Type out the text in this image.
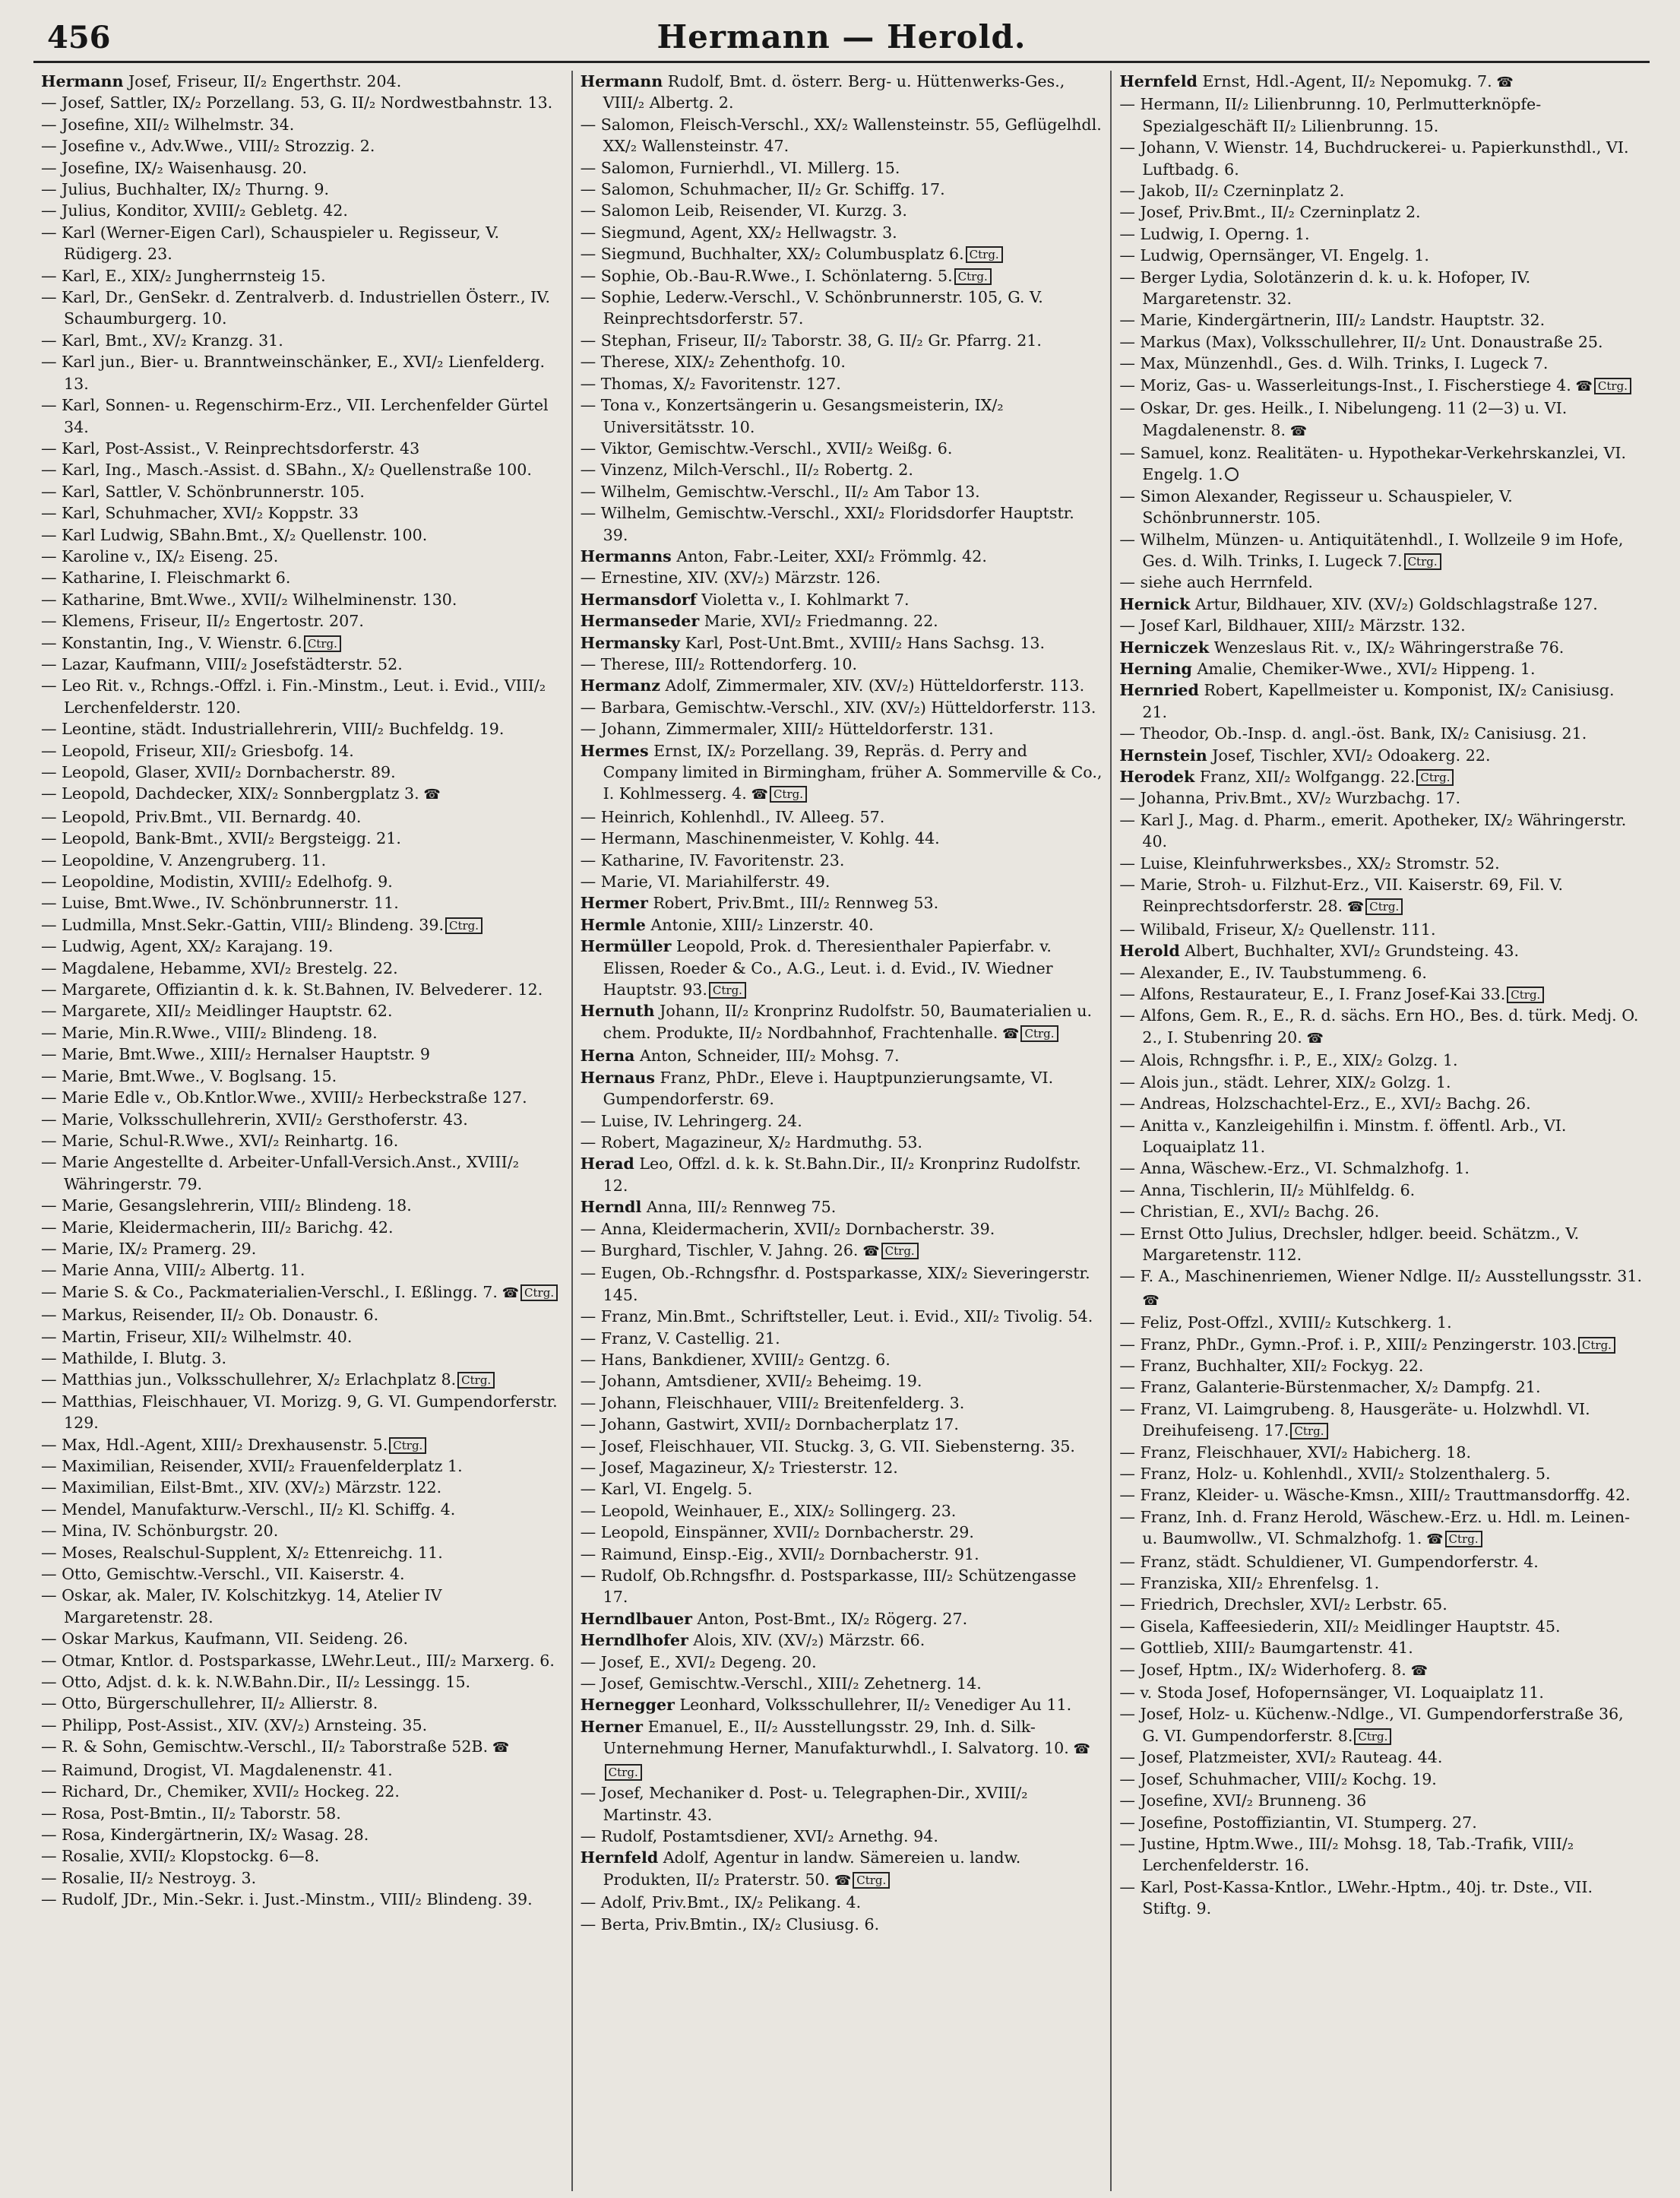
456	Hermann — Herold.

Hermann Josef, Friseur, II/₂ Engerthstr. 204.

— Josef, Sattler, IX/₂ Porzellang. 53, G. II/₂ Nordwestbahnstr. 13.

— Josefine, XII/₂ Wilhelmstr. 34.

— Josefine v., Adv.Wwe., VIII/₂ Strozzig. 2.

— Josefine, IX/₂ Waisenhausg. 20.

— Julius, Buchhalter, IX/₂ Thurng. 9.

— Julius, Konditor, XVIII/₂ Gebletg. 42.

— Karl (Werner-Eigen Carl), Schauspieler u. Regisseur, V. Rüdigerg. 23.

— Karl, E., XIX/₂ Jungherrnsteig 15.

— Karl, Dr., GenSekr. d. Zentralverb. d. Industriellen Österr., IV. Schaumburgerg. 10.

— Karl, Bmt., XV/₂ Kranzg. 31.

— Karl jun., Bier- u. Branntweinschänker, E., XVI/₂ Lienfelderg. 13.

— Karl, Sonnen- u. Regenschirm-Erz., VII. Lerchenfelder Gürtel 34.

— Karl, Post-Assist., V. Reinprechtsdorferstr. 43

— Karl, Ing., Masch.-Assist. d. SBahn., X/₂ Quellenstraße 100.

— Karl, Sattler, V. Schönbrunnerstr. 105.

— Karl, Schuhmacher, XVI/₂ Koppstr. 33

— Karl Ludwig, SBahn.Bmt., X/₂ Quellenstr. 100.

— Karoline v., IX/₂ Eiseng. 25.

— Katharine, I. Fleischmarkt 6.

— Katharine, Bmt.Wwe., XVII/₂ Wilhelminenstr. 130.

— Klemens, Friseur, II/₂ Engertostr. 207.

— Konstantin, Ing., V. Wienstr. 6. Ctrg.

— Lazar, Kaufmann, VIII/₂ Josefstädterstr. 52.

— Leo Rit. v., Rchngs.-Offzl. i. Fin.-Minstm., Leut. i. Evid., VIII/₂ Lerchenfelderstr. 120.

— Leontine, städt. Industriallehrerin, VIII/₂ Buchfeldg. 19.

— Leopold, Friseur, XII/₂ Griesbofg. 14.

— Leopold, Glaser, XVII/₂ Dornbacherstr. 89.

— Leopold, Dachdecker, XIX/₂ Sonnbergplatz 3. ☎

— Leopold, Priv.Bmt., VII. Bernardg. 40.

— Leopold, Bank-Bmt., XVII/₂ Bergsteigg. 21.

— Leopoldine, V. Anzengruberg. 11.

— Leopoldine, Modistin, XVIII/₂ Edelhofg. 9.

— Luise, Bmt.Wwe., IV. Schönbrunnerstr. 11.

— Ludmilla, Mnst.Sekr.-Gattin, VIII/₂ Blindeng. 39. Ctrg.

— Ludwig, Agent, XX/₂ Karajang. 19.

— Magdalene, Hebamme, XVI/₂ Brestelg. 22.

— Margarete, Offiziantin d. k. k. St.Bahnen, IV. Belvederег. 12.

— Margarete, XII/₂ Meidlinger Hauptstr. 62.

— Marie, Min.R.Wwe., VIII/₂ Blindeng. 18.

— Marie, Bmt.Wwe., XIII/₂ Hernalser Hauptstr. 9

— Marie, Bmt.Wwe., V. Boglsang. 15.

— Marie Edle v., Ob.Kntlor.Wwe., XVIII/₂ Herbeckstraße 127.

— Marie, Volksschullehrerin, XVII/₂ Gersthoferstr. 43.

— Marie, Schul-R.Wwe., XVI/₂ Reinhartg. 16.

— Marie Angestellte d. Arbeiter-Unfall-Versich.Anst., XVIII/₂ Währingerstr. 79.

— Marie, Gesangslehrerin, VIII/₂ Blindeng. 18.

— Marie, Kleidermacherin, III/₂ Barichg. 42.

— Marie, IX/₂ Pramerg. 29.

— Marie Anna, VIII/₂ Albertg. 11.

— Marie S. & Co., Packmaterialien-Verschl., I. Eßlingg. 7. ☎ Ctrg.

— Markus, Reisender, II/₂ Ob. Donaustr. 6.

— Martin, Friseur, XII/₂ Wilhelmstr. 40.

— Mathilde, I. Blutg. 3.

— Matthias jun., Volksschullehrer, X/₂ Erlachplatz 8. Ctrg.

— Matthias, Fleischhauer, VI. Morizg. 9, G. VI. Gumpendorferstr. 129.

— Max, Hdl.-Agent, XIII/₂ Drexhausenstr. 5. Ctrg.

— Maximilian, Reisender, XVII/₂ Frauenfelderplatz 1.

— Maximilian, Eilst-Bmt., XIV. (XV/₂) Märzstr. 122.

— Mendel, Manufakturw.-Verschl., II/₂ Kl. Schiffg. 4.

— Mina, IV. Schönburgstr. 20.

— Moses, Realschul-Supplent, X/₂ Ettenreichg. 11.

— Otto, Gemischtw.-Verschl., VII. Kaiserstr. 4.

— Oskar, ak. Maler, IV. Kolschitzkyg. 14, Atelier IV Margaretenstr. 28.

— Oskar Markus, Kaufmann, VII. Seideng. 26.

— Otmar, Kntlor. d. Postsparkasse, LWehr.Leut., III/₂ Marxerg. 6.

— Otto, Adjst. d. k. k. N.W.Bahn.Dir., II/₂ Lessingg. 15.

— Otto, Bürgerschullehrer, II/₂ Allierstr. 8.

— Philipp, Post-Assist., XIV. (XV/₂) Arnsteing. 35.

— R. & Sohn, Gemischtw.-Verschl., II/₂ Taborstraße 52B. ☎

— Raimund, Drogist, VI. Magdalenenstr. 41.

— Richard, Dr., Chemiker, XVII/₂ Hockeg. 22.

— Rosa, Post-Bmtin., II/₂ Taborstr. 58.

— Rosa, Kindergärtnerin, IX/₂ Wasag. 28.

— Rosalie, XVII/₂ Klopstockg. 6—8.

— Rosalie, II/₂ Nestroyg. 3.

— Rudolf, JDr., Min.-Sekr. i. Just.-Minstm., VIII/₂ Blindeng. 39.

Hermann Rudolf, Bmt. d. österr. Berg- u. Hüttenwerks-Ges., VIII/₂ Albertg. 2.

— Salomon, Fleisch-Verschl., XX/₂ Wallensteinstr. 55, Geflügelhdl. XX/₂ Wallensteinstr. 47.

— Salomon, Furnierhdl., VI. Millerg. 15.

— Salomon, Schuhmacher, II/₂ Gr. Schiffg. 17.

— Salomon Leib, Reisender, VI. Kurzg. 3.

— Siegmund, Agent, XX/₂ Hellwagstr. 3.

— Siegmund, Buchhalter, XX/₂ Columbusplatz 6. Ctrg.

— Sophie, Ob.-Bau-R.Wwe., I. Schönlaterng. 5. Ctrg.

— Sophie, Lederw.-Verschl., V. Schönbrunnerstr. 105, G. V. Reinprechtsdorferstr. 57.

— Stephan, Friseur, II/₂ Taborstr. 38, G. II/₂ Gr. Pfarrg. 21.

— Therese, XIX/₂ Zehenthofg. 10.

— Thomas, X/₂ Favoritenstr. 127.

— Tona v., Konzertsängerin u. Gesangsmeisterin, IX/₂ Universitätsstr. 10.

— Viktor, Gemischtw.-Verschl., XVII/₂ Weißg. 6.

— Vinzenz, Milch-Verschl., II/₂ Robertg. 2.

— Wilhelm, Gemischtw.-Verschl., II/₂ Am Tabor 13.

— Wilhelm, Gemischtw.-Verschl., XXI/₂ Floridsdorfer Hauptstr. 39.

Hermanns Anton, Fabr.-Leiter, XXI/₂ Frömmlg. 42.

— Ernestine, XIV. (XV/₂) Märzstr. 126.

Hermansdorf Violetta v., I. Kohlmarkt 7.

Hermanseder Marie, XVI/₂ Friedmanng. 22.

Hermansky Karl, Post-Unt.Bmt., XVIII/₂ Hans Sachsg. 13.

— Therese, III/₂ Rottendorferg. 10.

Hermanz Adolf, Zimmermaler, XIV. (XV/₂) Hütteldorferstr. 113.

— Barbara, Gemischtw.-Verschl., XIV. (XV/₂) Hütteldorferstr. 113.

— Johann, Zimmermaler, XIII/₂ Hütteldorferstr. 131.

Hermes Ernst, IX/₂ Porzellang. 39, Repräs. d. Perry and Company limited in Birmingham, früher A. Sommerville & Co., I. Kohlmesserg. 4. ☎ Ctrg.

— Heinrich, Kohlenhdl., IV. Alleeg. 57.

— Hermann, Maschinenmeister, V. Kohlg. 44.

— Katharine, IV. Favoritenstr. 23.

— Marie, VI. Mariahilferstr. 49.

Hermer Robert, Priv.Bmt., III/₂ Rennweg 53.

Hermle Antonie, XIII/₂ Linzerstr. 40.

Hermüller Leopold, Prok. d. Theresienthaler Papierfabr. v. Elissen, Roeder & Co., A.G., Leut. i. d. Evid., IV. Wiedner Hauptstr. 93. Ctrg.

Hernuth Johann, II/₂ Kronprinz Rudolfstr. 50, Baumaterialien u. chem. Produkte, II/₂ Nordbahnhof, Frachtenhalle. ☎ Ctrg.

Herna Anton, Schneider, III/₂ Mohsg. 7.

Hernaus Franz, PhDr., Eleve i. Hauptpunzierungsamte, VI. Gumpendorferstr. 69.

— Luise, IV. Lehringerg. 24.

— Robert, Magazineur, X/₂ Hardmuthg. 53.

Herad Leo, Offzl. d. k. k. St.Bahn.Dir., II/₂ Kronprinz Rudolfstr. 12.

Herndl Anna, III/₂ Rennweg 75.

— Anna, Kleidermacherin, XVII/₂ Dornbacherstr. 39.

— Burghard, Tischler, V. Jahng. 26. ☎ Ctrg.

— Eugen, Ob.-Rchngsfhr. d. Postsparkasse, XIX/₂ Sieveringerstr. 145.

— Franz, Min.Bmt., Schriftsteller, Leut. i. Evid., XII/₂ Tivolig. 54.

— Franz, V. Castellig. 21.

— Hans, Bankdiener, XVIII/₂ Gentzg. 6.

— Johann, Amtsdiener, XVII/₂ Beheimg. 19.

— Johann, Fleischhauer, VIII/₂ Breitenfelderg. 3.

— Johann, Gastwirt, XVII/₂ Dornbacherplatz 17.

— Josef, Fleischhauer, VII. Stuckg. 3, G. VII. Siebensterng. 35.

— Josef, Magazineur, X/₂ Triesterstr. 12.

— Karl, VI. Engelg. 5.

— Leopold, Weinhauer, E., XIX/₂ Sollingerg. 23.

— Leopold, Einspänner, XVII/₂ Dornbacherstr. 29.

— Raimund, Einsp.-Eig., XVII/₂ Dornbacherstr. 91.

— Rudolf, Ob.Rchngsfhr. d. Postsparkasse, III/₂ Schützengasse 17.

Herndlbauer Anton, Post-Bmt., IX/₂ Rögerg. 27.

Herndlhofer Alois, XIV. (XV/₂) Märzstr. 66.

— Josef, E., XVI/₂ Degeng. 20.

— Josef, Gemischtw.-Verschl., XIII/₂ Zehetnerg. 14.

Hernegger Leonhard, Volksschullehrer, II/₂ Venediger Au 11.

Herner Emanuel, E., II/₂ Ausstellungsstr. 29, Inh. d. Silk-Unternehmung Herner, Manufakturwhdl., I. Salvatorg. 10. ☎Ctrg.

— Josef, Mechaniker d. Post- u. Telegraphen-Dir., XVIII/₂ Martinstr. 43.

— Rudolf, Postamtsdiener, XVI/₂ Arnethg. 94.

Hernfeld Adolf, Agentur in landw. Sämereien u. landw. Produkten, II/₂ Praterstr. 50. ☎ Ctrg.

— Adolf, Priv.Bmt., IX/₂ Pelikang. 4.

— Berta, Priv.Bmtin., IX/₂ Clusiusg. 6.

Hernfeld Ernst, Hdl.-Agent, II/₂ Nepomukg. 7. ☎

— Hermann, II/₂ Lilienbrunng. 10, Perlmutterknöpfe-Spezialgeschäft II/₂ Lilienbrunng. 15.

— Johann, V. Wienstr. 14, Buchdruckerei- u. Papierkunsthdl., VI. Luftbadg. 6.

— Jakob, II/₂ Czerninplatz 2.

— Josef, Priv.Bmt., II/₂ Czerninplatz 2.

— Ludwig, I. Operng. 1.

— Ludwig, Opernsänger, VI. Engelg. 1.

— Berger Lydia, Solotänzerin d. k. u. k. Hofoper, IV. Margaretenstr. 32.

— Marie, Kindergärtnerin, III/₂ Landstr. Hauptstr. 32.

— Markus (Max), Volksschullehrer, II/₂ Unt. Donaustraße 25.

— Max, Münzenhdl., Ges. d. Wilh. Trinks, I. Lugeck 7.

— Moriz, Gas- u. Wasserleitungs-Inst., I. Fischerstiege 4. ☎ Ctrg.

— Oskar, Dr. ges. Heilk., I. Nibelungeng. 11 (2—3) u. VI. Magdalenenstr. 8. ☎

— Samuel, konz. Realitäten- u. Hypothekar-Verkehrskanzlei, VI. Engelg. 1.

— Simon Alexander, Regisseur u. Schauspieler, V. Schönbrunnerstr. 105.

— Wilhelm, Münzen- u. Antiquitätenhdl., I. Wollzeile 9 im Hofe, Ges. d. Wilh. Trinks, I. Lugeck 7. Ctrg.

— siehe auch Herrnfeld.

Hernick Artur, Bildhauer, XIV. (XV/₂) Goldschlagstraße 127.

— Josef Karl, Bildhauer, XIII/₂ Märzstr. 132.

Herniczek Wenzeslaus Rit. v., IX/₂ Währingerstraße 76.

Herning Amalie, Chemiker-Wwe., XVI/₂ Hippeng. 1.

Hernried Robert, Kapellmeister u. Komponist, IX/₂ Canisiusg. 21.

— Theodor, Ob.-Insp. d. angl.-öst. Bank, IX/₂ Canisiusg. 21.

Hernstein Josef, Tischler, XVI/₂ Odoakerg. 22.

Herodek Franz, XII/₂ Wolfgangg. 22. Ctrg.

— Johanna, Priv.Bmt., XV/₂ Wurzbachg. 17.

— Karl J., Mag. d. Pharm., emerit. Apotheker, IX/₂ Währingerstr. 40.

— Luise, Kleinfuhrwerksbes., XX/₂ Stromstr. 52.

— Marie, Stroh- u. Filzhut-Erz., VII. Kaiserstr. 69, Fil. V. Reinprechtsdorferstr. 28. ☎ Ctrg.

— Wilibald, Friseur, X/₂ Quellenstr. 111.

Herold Albert, Buchhalter, XVI/₂ Grundsteing. 43.

— Alexander, E., IV. Taubstummeng. 6.

— Alfons, Restaurateur, E., I. Franz Josef-Kai 33. Ctrg.

— Alfons, Gem. R., E., R. d. sächs. Ern HO., Bes. d. türk. Medj. O. 2., I. Stubenring 20. ☎

— Alois, Rchngsfhr. i. P., E., XIX/₂ Golzg. 1.

— Alois jun., städt. Lehrer, XIX/₂ Golzg. 1.

— Andreas, Holzschachtel-Erz., E., XVI/₂ Bachg. 26.

— Anitta v., Kanzleigehilfin i. Minstm. f. öffentl. Arb., VI. Loquaiplatz 11.

— Anna, Wäschew.-Erz., VI. Schmalzhofg. 1.

— Anna, Tischlerin, II/₂ Mühlfeldg. 6.

— Christian, E., XVI/₂ Bachg. 26.

— Ernst Otto Julius, Drechsler, hdlger. beeid. Schätzm., V. Margaretenstr. 112.

— F. A., Maschinenriemen, Wiener Ndlge. II/₂ Ausstellungsstr. 31. ☎

— Feliz, Post-Offzl., XVIII/₂ Kutschkerg. 1.

— Franz, PhDr., Gymn.-Prof. i. P., XIII/₂ Penzingerstr. 103. Ctrg.

— Franz, Buchhalter, XII/₂ Fockyg. 22.

— Franz, Galanterie-Bürstenmacher, X/₂ Dampfg. 21.

— Franz, VI. Laimgrubeng. 8, Hausgeräte- u. Holzwhdl. VI. Dreihufeiseng. 17. Ctrg.

— Franz, Fleischhauer, XVI/₂ Habicherg. 18.

— Franz, Holz- u. Kohlenhdl., XVII/₂ Stolzenthalerg. 5.

— Franz, Kleider- u. Wäsche-Kmsn., XIII/₂ Trauttmansdorffg. 42.

— Franz, Inh. d. Franz Herold, Wäschew.-Erz. u. Hdl. m. Leinen- u. Baumwollw., VI. Schmalzhofg. 1. ☎ Ctrg.

— Franz, städt. Schuldiener, VI. Gumpendorferstr. 4.

— Franziska, XII/₂ Ehrenfelsg. 1.

— Friedrich, Drechsler, XVI/₂ Lerbstr. 65.

— Gisela, Kaffeesiederin, XII/₂ Meidlinger Hauptstr. 45.

— Gottlieb, XIII/₂ Baumgartenstr. 41.

— Josef, Hptm., IX/₂ Widerhoferg. 8. ☎

— v. Stoda Josef, Hofopernsänger, VI. Loquaiplatz 11.

— Josef, Holz- u. Küchenw.-Ndlge., VI. Gumpendorferstraße 36, G. VI. Gumpendorferstr. 8. Ctrg.

— Josef, Platzmeister, XVI/₂ Rauteag. 44.

— Josef, Schuhmacher, VIII/₂ Kochg. 19.

— Josefine, XVI/₂ Brunneng. 36

— Josefine, Postoffiziantin, VI. Stumperg. 27.

— Justine, Hptm.Wwe., III/₂ Mohsg. 18, Tab.-Trafik, VIII/₂ Lerchenfelderstr. 16.

— Karl, Post-Kassa-Kntlor., LWehr.-Hptm., 40j. tr. Dste., VII. Stiftg. 9.
